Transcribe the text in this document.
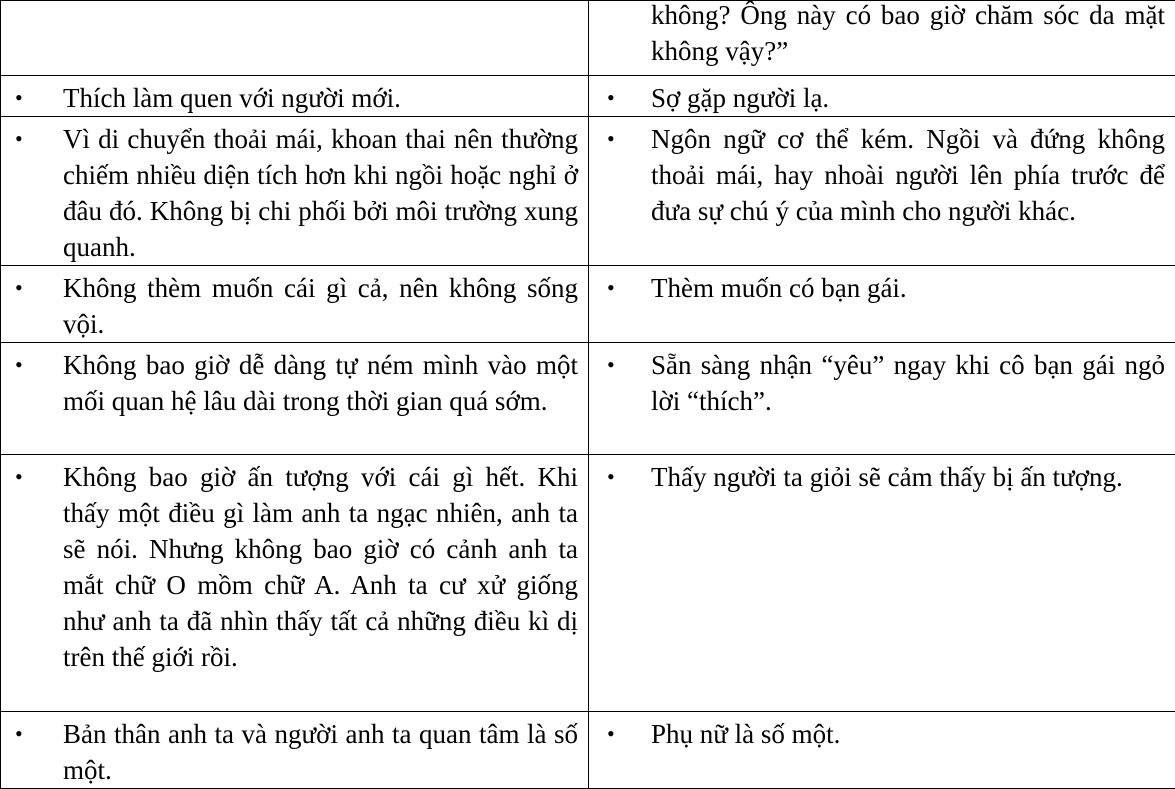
	không? Ông này có bao giờ chăm sóc da mặt không vậy?”

• Thích làm quen với người mới.	• Sợ gặp người lạ.

• Vì di chuyển thoải mái, khoan thai nên thường chiếm nhiều diện tích hơn khi ngồi hoặc nghỉ ở đâu đó. Không bị chi phối bởi môi trường xung quanh.	• Ngôn ngữ cơ thể kém. Ngồi và đứng không thoải mái, hay nhoài người lên phía trước để đưa sự chú ý của mình cho người khác.

• Không thèm muốn cái gì cả, nên không sống vội.	• Thèm muốn có bạn gái.

• Không bao giờ dễ dàng tự ném mình vào một mối quan hệ lâu dài trong thời gian quá sớm.	• Sẵn sàng nhận “yêu” ngay khi cô bạn gái ngỏ lời “thích”.

• Không bao giờ ấn tượng với cái gì hết. Khi thấy một điều gì làm anh ta ngạc nhiên, anh ta sẽ nói. Nhưng không bao giờ có cảnh anh ta mắt chữ O mồm chữ A. Anh ta cư xử giống như anh ta đã nhìn thấy tất cả những điều kì dị trên thế giới rồi.	• Thấy người ta giỏi sẽ cảm thấy bị ấn tượng.

• Bản thân anh ta và người anh ta quan tâm là số một.	• Phụ nữ là số một.
